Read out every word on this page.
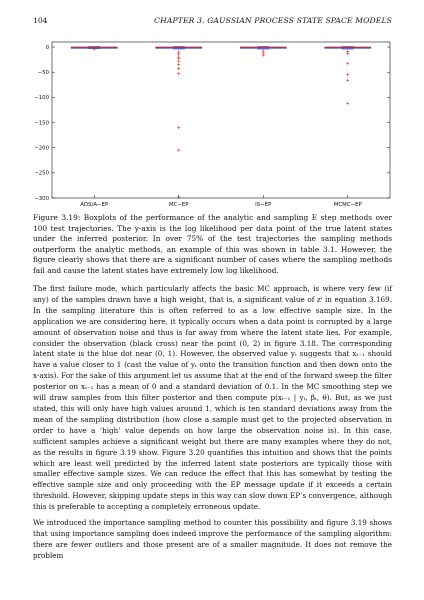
104	CHAPTER 3. GAUSSIAN PROCESS STATE SPACE MODELS
0
−50
−100
−150
−200
−250
−300
ADS/A−EP	MC−EP	IS−EP	MCMC−EP
Figure 3.19: Boxplots of the performance of the analytic and sampling E step methods over 100 test trajectories. The y-axis is the log likelihood per data point of the true latent states under the inferred posterior. In over 75% of the test trajectories the sampling methods outperform the analytic methods, an example of this was shown in table 3.1. However, the figure clearly shows that there are a significant number of cases where the sampling methods fail and cause the latent states have extremely low log likelihood.

The first failure mode, which particularly affects the basic MC approach, is where very few (if any) of the samples drawn have a high weight, that is, a significant value of zⁱ in equation 3.169. In the sampling literature this is often referred to as a low effective sample size. In the application we are considering here, it typically occurs when a data point is corrupted by a large amount of observation noise and thus is far away from where the latent state lies. For example, consider the observation (black cross) near the point (0, 2) in figure 3.18. The corresponding latent state is the blue dot near (0, 1). However, the observed value yₜ suggests that xₜ₋₁ should have a value closer to 1 (cast the value of yₜ onto the transition function and then down onto the x-axis). For the sake of this argument let us assume that at the end of the forward sweep the filter posterior on xₜ₋₁ has a mean of 0 and a standard deviation of 0.1. In the MC smoothing step we will draw samples from this filter posterior and then compute p(xₜ₋₁ | yₜ, βₜ, θ). But, as we just stated, this will only have high values around 1, which is ten standard deviations away from the mean of the sampling distribution (how close a sample must get to the projected observation in order to have a ‘high’ value depends on how large the observation noise is). In this case, sufficient samples achieve a significant weight but there are many examples where they do not, as the results in figure 3.19 show. Figure 3.20 quantifies this intuition and shows that the points which are least well predicted by the inferred latent state posteriors are typically those with smaller effective sample sizes. We can reduce the effect that this has somewhat by testing the effective sample size and only proceeding with the EP message update if it exceeds a certain threshold. However, skipping update steps in this way can slow down EP’s convergence, although this is preferable to accepting a completely erroneous update.

We introduced the importance sampling method to counter this possibility and figure 3.19 shows that using importance sampling does indeed improve the performance of the sampling algorithm: there are fewer outliers and those present are of a smaller magnitude. It does not remove the problem
